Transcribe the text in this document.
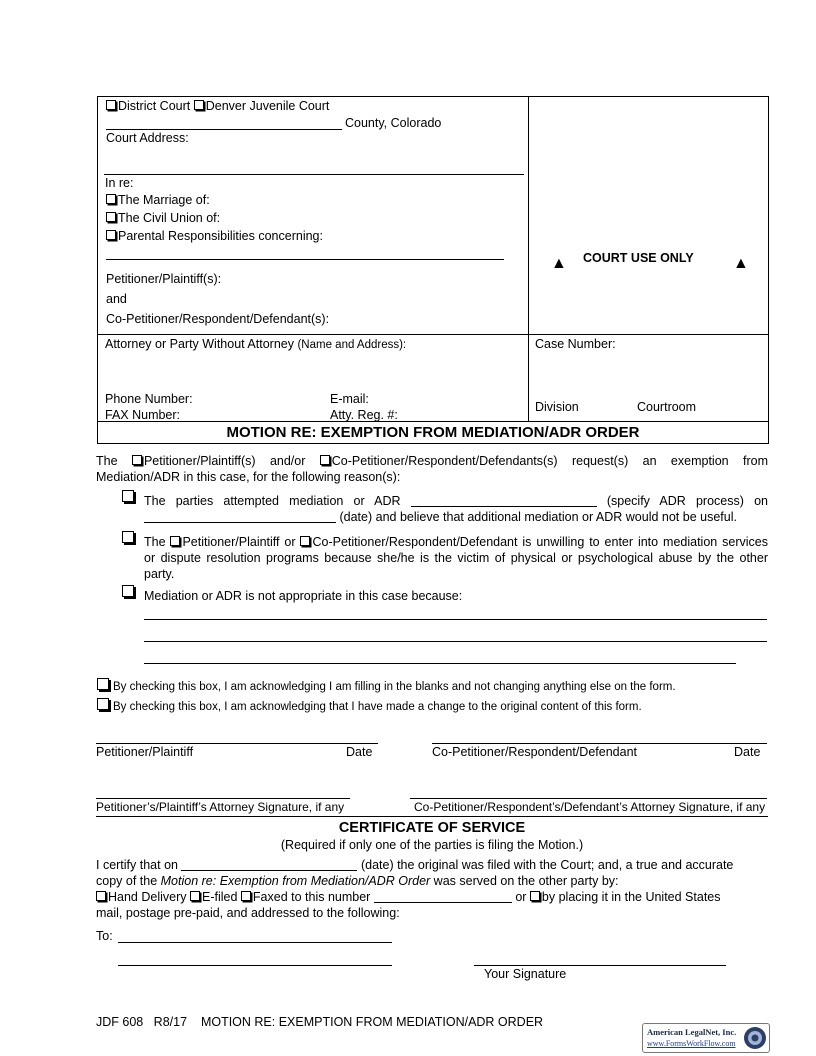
District Court Denver Juvenile Court
County, Colorado
Court Address:
In re:
The Marriage of:
The Civil Union of:
Parental Responsibilities concerning:
Petitioner/Plaintiff(s):
and
Co-Petitioner/Respondent/Defendant(s):
▲ COURT USE ONLY ▲
Attorney or Party Without Attorney (Name and Address):
Phone Number:	E-mail:
FAX Number:	Atty. Reg. #:
Case Number:
Division	Courtroom
MOTION RE: EXEMPTION FROM MEDIATION/ADR ORDER
The Petitioner/Plaintiff(s) and/or Co-Petitioner/Respondent/Defendants(s) request(s) an exemption from Mediation/ADR in this case, for the following reason(s):
The parties attempted mediation or ADR	(specify ADR process) on  (date) and believe that additional mediation or ADR would not be useful.
The Petitioner/Plaintiff or Co-Petitioner/Respondent/Defendant is unwilling to enter into mediation services or dispute resolution programs because she/he is the victim of physical or psychological abuse by the other party.
Mediation or ADR is not appropriate in this case because:
By checking this box, I am acknowledging I am filling in the blanks and not changing anything else on the form.
By checking this box, I am acknowledging that I have made a change to the original content of this form.
Petitioner/Plaintiff	Date	Co-Petitioner/Respondent/Defendant	Date
Petitioner’s/Plaintiff’s Attorney Signature, if any	Co-Petitioner/Respondent’s/Defendant’s Attorney Signature, if any
CERTIFICATE OF SERVICE
(Required if only one of the parties is filing the Motion.)
I certify that on	(date) the original was filed with the Court; and, a true and accurate
copy of the Motion re: Exemption from Mediation/ADR Order was served on the other party by:
Hand Delivery E-filed Faxed to this number	or by placing it in the United States
mail, postage pre-paid, and addressed to the following:
To:
Your Signature
JDF 608 R8/17 MOTION RE: EXEMPTION FROM MEDIATION/ADR ORDER
American LegalNet, Inc.
www.FormsWorkFlow.com
